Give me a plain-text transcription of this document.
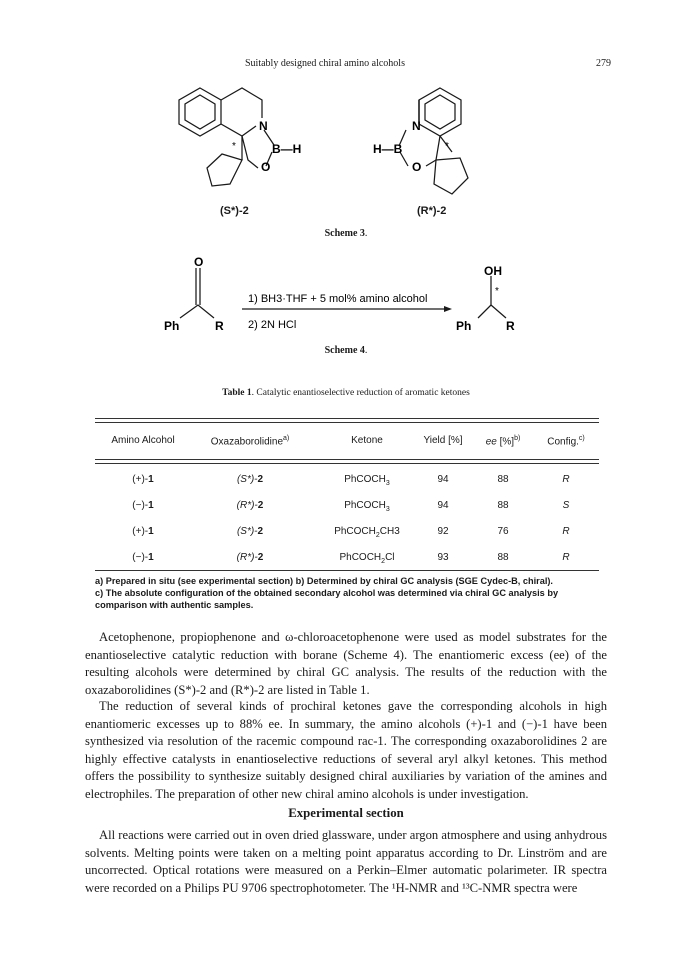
Suitably designed chiral amino alcohols	279
N
O
B—H
*
(S*)-2
N
O
H—B	*
(R*)-2
Scheme 3.
O
Ph	R
1) BH3·THF + 5 mol% amino alcohol
2) 2N HCl
OH
*
Ph	R
Scheme 4.
Table 1. Catalytic enantioselective reduction of aromatic ketones
Amino Alcohol	Oxazaborolidine$^{a)}$	Ketone	Yield [%]	ee [%]$^{b)}$	Config.$^{c)}$
(+)-1	(S*)-2	PhCOCH$_3$	94	88	R
(−)-1	(R*)-2	PhCOCH$_3$	94	88	S
(+)-1	(S*)-2	PhCOCH$_2$CH3	92	76	R
(−)-1	(R*)-2	PhCOCH$_2$Cl	93	88	R
a) Prepared in situ (see experimental section) b) Determined by chiral GC analysis (SGE Cydec-B, chiral).
c) The absolute configuration of the obtained secondary alcohol was determined via chiral GC analysis by
comparison with authentic samples.
Acetophenone, propiophenone and ω-chloroacetophenone were used as model substrates for the enantioselective catalytic reduction with borane (Scheme 4). The enantiomeric excess (ee) of the resulting alcohols were determined by chiral GC analysis. The results of the reduction with the oxazaborolidines (S*)-2 and (R*)-2 are listed in Table 1.
The reduction of several kinds of prochiral ketones gave the corresponding alcohols in high enantiomeric excesses up to 88% ee. In summary, the amino alcohols (+)-1 and (−)-1 have been synthesized via resolution of the racemic compound rac-1. The corresponding oxazaborolidines 2 are highly effective catalysts in enantioselective reductions of several aryl alkyl ketones. This method offers the possibility to synthesize suitably designed chiral auxiliaries by variation of the amines and electrophiles. The preparation of other new chiral amino alcohols is under investigation.
Experimental section
All reactions were carried out in oven dried glassware, under argon atmosphere and using anhydrous solvents. Melting points were taken on a melting point apparatus according to Dr. Linström and are uncorrected. Optical rotations were measured on a Perkin–Elmer automatic polarimeter. IR spectra were recorded on a Philips PU 9706 spectrophotometer. The ¹H-NMR and ¹³C-NMR spectra were
